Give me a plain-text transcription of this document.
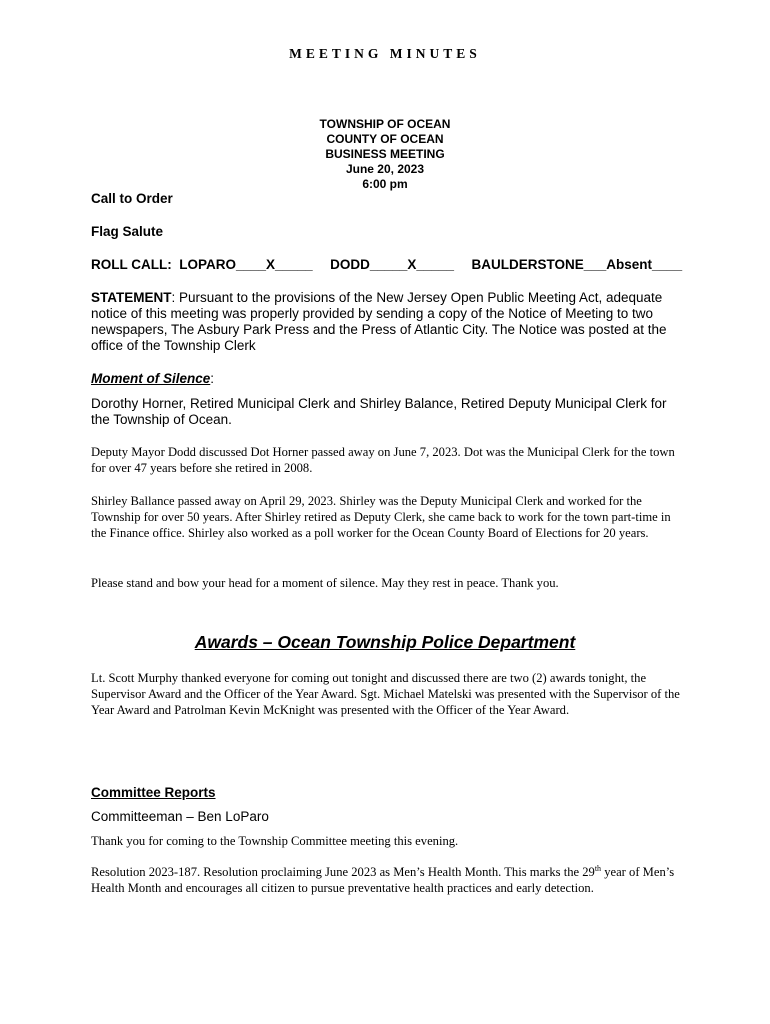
MEETING MINUTES
TOWNSHIP OF OCEAN
COUNTY OF OCEAN
BUSINESS MEETING
June 20, 2023
6:00 pm
Call to Order
Flag Salute
ROLL CALL: LOPARO____X_____ DODD_____X_____ BAULDERSTONE___Absent____
STATEMENT: Pursuant to the provisions of the New Jersey Open Public Meeting Act, adequate notice of this meeting was properly provided by sending a copy of the Notice of Meeting to two newspapers, The Asbury Park Press and the Press of Atlantic City. The Notice was posted at the office of the Township Clerk
Moment of Silence:
Dorothy Horner, Retired Municipal Clerk and Shirley Balance, Retired Deputy Municipal Clerk for the Township of Ocean.
Deputy Mayor Dodd discussed Dot Horner passed away on June 7, 2023. Dot was the Municipal Clerk for the town for over 47 years before she retired in 2008.
Shirley Ballance passed away on April 29, 2023. Shirley was the Deputy Municipal Clerk and worked for the Township for over 50 years. After Shirley retired as Deputy Clerk, she came back to work for the town part-time in the Finance office. Shirley also worked as a poll worker for the Ocean County Board of Elections for 20 years.
Please stand and bow your head for a moment of silence. May they rest in peace. Thank you.
Awards – Ocean Township Police Department
Lt. Scott Murphy thanked everyone for coming out tonight and discussed there are two (2) awards tonight, the Supervisor Award and the Officer of the Year Award. Sgt. Michael Matelski was presented with the Supervisor of the Year Award and Patrolman Kevin McKnight was presented with the Officer of the Year Award.
Committee Reports
Committeeman – Ben LoParo
Thank you for coming to the Township Committee meeting this evening.
Resolution 2023-187. Resolution proclaiming June 2023 as Men’s Health Month. This marks the 29th year of Men’s Health Month and encourages all citizen to pursue preventative health practices and early detection.
